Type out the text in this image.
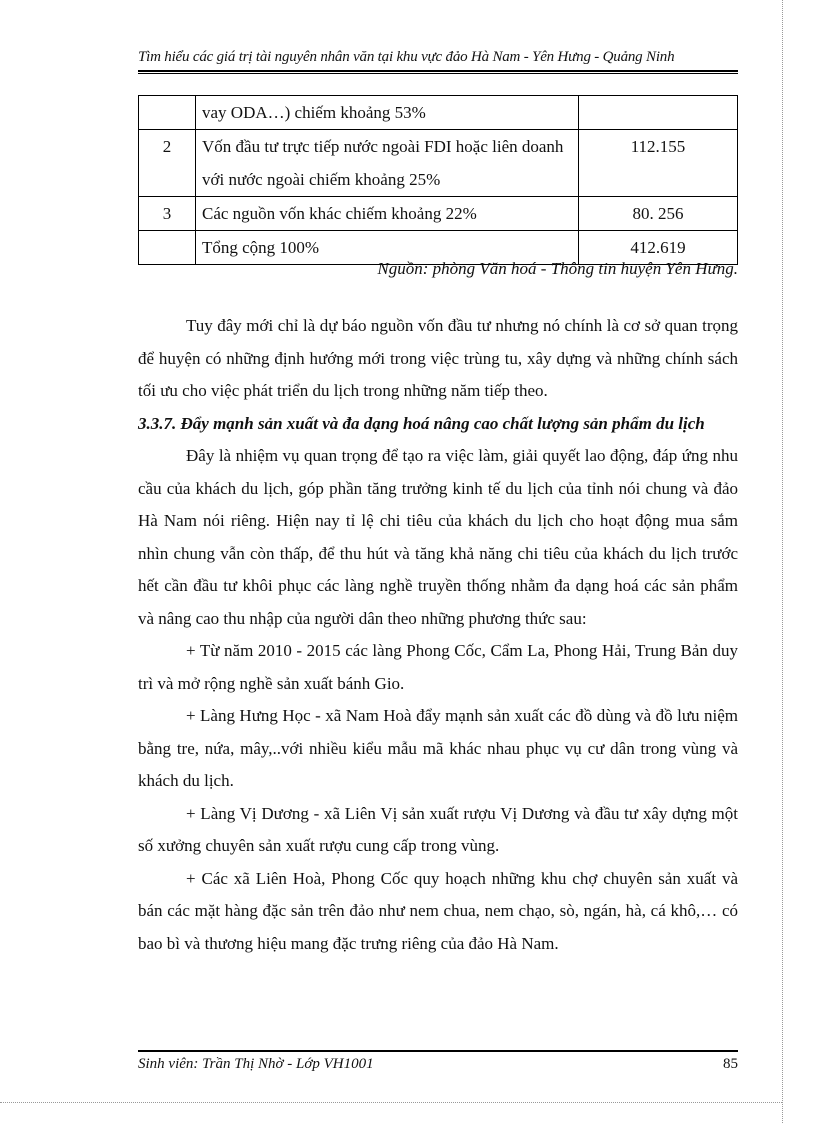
Tìm hiểu các giá trị tài nguyên nhân văn tại khu vực đảo Hà Nam - Yên Hưng - Quảng Ninh
	vay ODA…) chiếm khoảng 53%	
2	Vốn đầu tư trực tiếp nước ngoài FDI hoặc liên doanh với nước ngoài chiếm khoảng 25%	112.155
3	Các nguồn vốn khác chiếm khoảng 22%	80. 256
	Tổng cộng 100%	412.619
Nguồn: phòng Văn hoá - Thông tin huyện Yên Hưng.

Tuy đây mới chỉ là dự báo nguồn vốn đầu tư nhưng nó chính là cơ sở quan trọng để huyện có những định hướng mới trong việc trùng tu, xây dựng và những chính sách tối ưu cho việc phát triển du lịch trong những năm tiếp theo.

3.3.7. Đẩy mạnh sản xuất và đa dạng hoá nâng cao chất lượng sản phẩm du lịch

Đây là nhiệm vụ quan trọng để tạo ra việc làm, giải quyết lao động, đáp ứng nhu cầu của khách du lịch, góp phần tăng trưởng kinh tế du lịch của tỉnh nói chung và đảo Hà Nam nói riêng. Hiện nay tỉ lệ chi tiêu của khách du lịch cho hoạt động mua sắm nhìn chung vẫn còn thấp, để thu hút và tăng khả năng chi tiêu của khách du lịch trước hết cần đầu tư khôi phục các làng nghề truyền thống nhằm đa dạng hoá các sản phẩm và nâng cao thu nhập của người dân theo những phương thức sau:

+ Từ năm 2010 - 2015 các làng Phong Cốc, Cẩm La, Phong Hải, Trung Bản duy trì và mở rộng nghề sản xuất bánh Gio.

+ Làng Hưng Học - xã Nam Hoà đẩy mạnh sản xuất các đồ dùng và đồ lưu niệm bằng tre, nứa, mây,..với nhiều kiểu mẫu mã khác nhau phục vụ cư dân trong vùng và khách du lịch.

+ Làng Vị Dương - xã Liên Vị sản xuất rượu Vị Dương và đầu tư xây dựng một số xưởng chuyên sản xuất rượu cung cấp trong vùng.

+ Các xã Liên Hoà, Phong Cốc quy hoạch những khu chợ chuyên sản xuất và bán các mặt hàng đặc sản trên đảo như nem chua, nem chạo, sò, ngán, hà, cá khô,… có bao bì và thương hiệu mang đặc trưng riêng của đảo Hà Nam.

Sinh viên: Trần Thị Nhờ - Lớp VH1001	85
